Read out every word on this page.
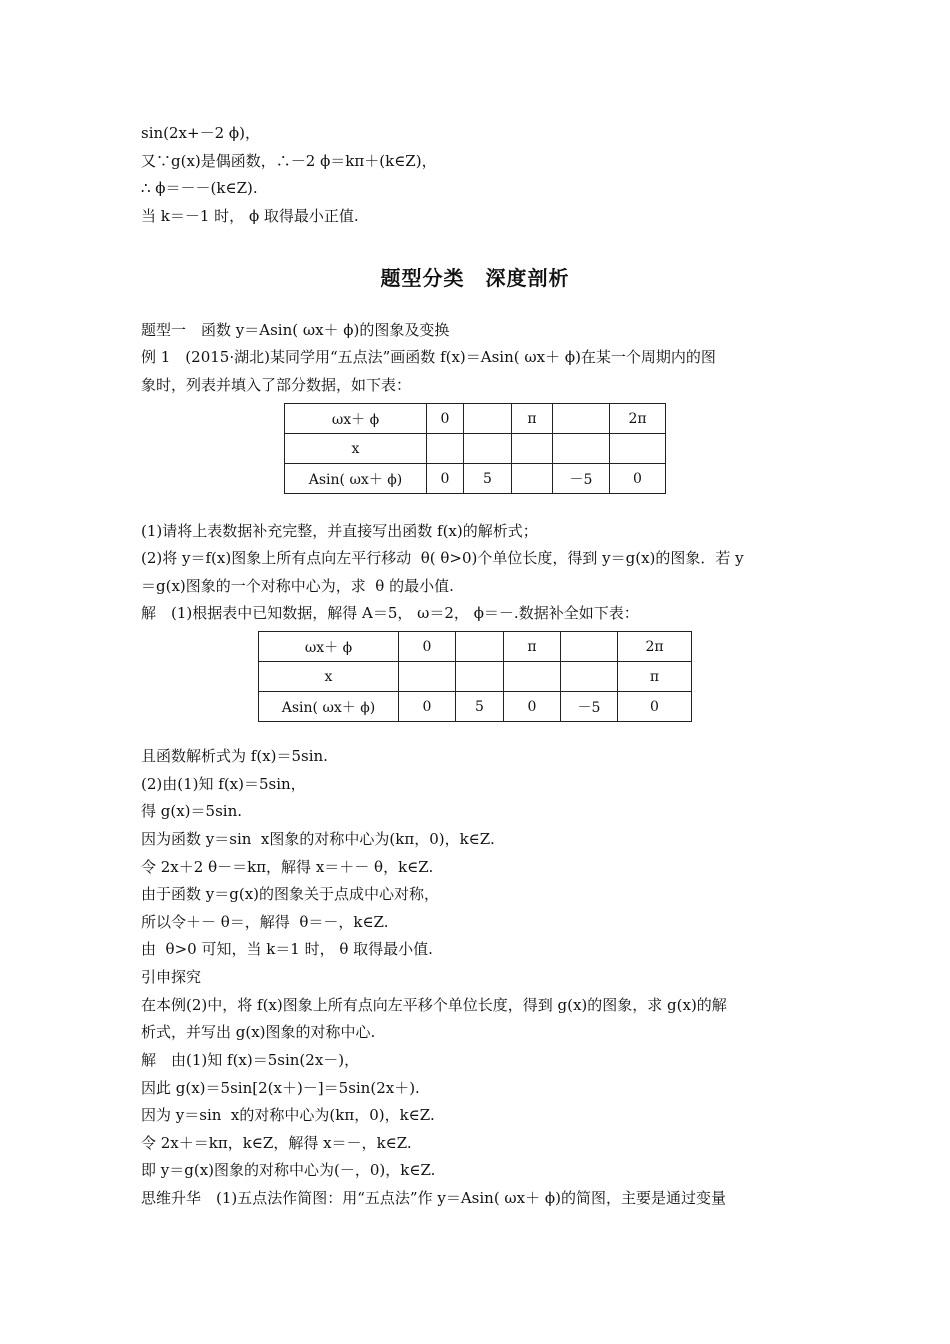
sin(2x+－2 ϕ)，
又∵g(x)是偶函数，∴－2 ϕ＝kπ＋(k∈Z)，
∴ ϕ＝－－(k∈Z).
当 k＝－1 时， ϕ 取得最小正值.
题型分类　深度剖析
题型一　函数 y＝Asin( ωx＋ ϕ)的图象及变换
例 1　(2015·湖北)某同学用“五点法”画函数 f(x)＝Asin( ωx＋ ϕ)在某一个周期内的图
象时，列表并填入了部分数据，如下表：
ωx＋ ϕ	0		π		2π
x					
Asin( ωx＋ ϕ)	0	5		－5	0
(1)请将上表数据补充完整，并直接写出函数 f(x)的解析式；
(2)将 y＝f(x)图象上所有点向左平行移动  θ( θ>0)个单位长度，得到 y＝g(x)的图象．若 y
＝g(x)图象的一个对称中心为，求  θ 的最小值.
解　(1)根据表中已知数据，解得 A＝5， ω＝2， ϕ＝－.数据补全如下表：
ωx＋ ϕ	0		π		2π
x					π
Asin( ωx＋ ϕ)	0	5	0	－5	0
且函数解析式为 f(x)＝5sin.
(2)由(1)知 f(x)＝5sin，
得 g(x)＝5sin.
因为函数 y＝sin  x图象的对称中心为(kπ，0)，k∈Z.
令 2x＋2 θ－＝kπ，解得 x＝＋－ θ，k∈Z.
由于函数 y＝g(x)的图象关于点成中心对称，
所以令＋－ θ＝，解得  θ＝－，k∈Z.
由  θ>0 可知，当 k＝1 时， θ 取得最小值.
引申探究
在本例(2)中，将 f(x)图象上所有点向左平移个单位长度，得到 g(x)的图象，求 g(x)的解
析式，并写出 g(x)图象的对称中心.
解　由(1)知 f(x)＝5sin(2x－)，
因此 g(x)＝5sin[2(x＋)－]＝5sin(2x＋).
因为 y＝sin  x的对称中心为(kπ，0)，k∈Z.
令 2x＋＝kπ，k∈Z，解得 x＝－，k∈Z.
即 y＝g(x)图象的对称中心为(－，0)，k∈Z.
思维升华　(1)五点法作简图：用“五点法”作 y＝Asin( ωx＋ ϕ)的简图，主要是通过变量
